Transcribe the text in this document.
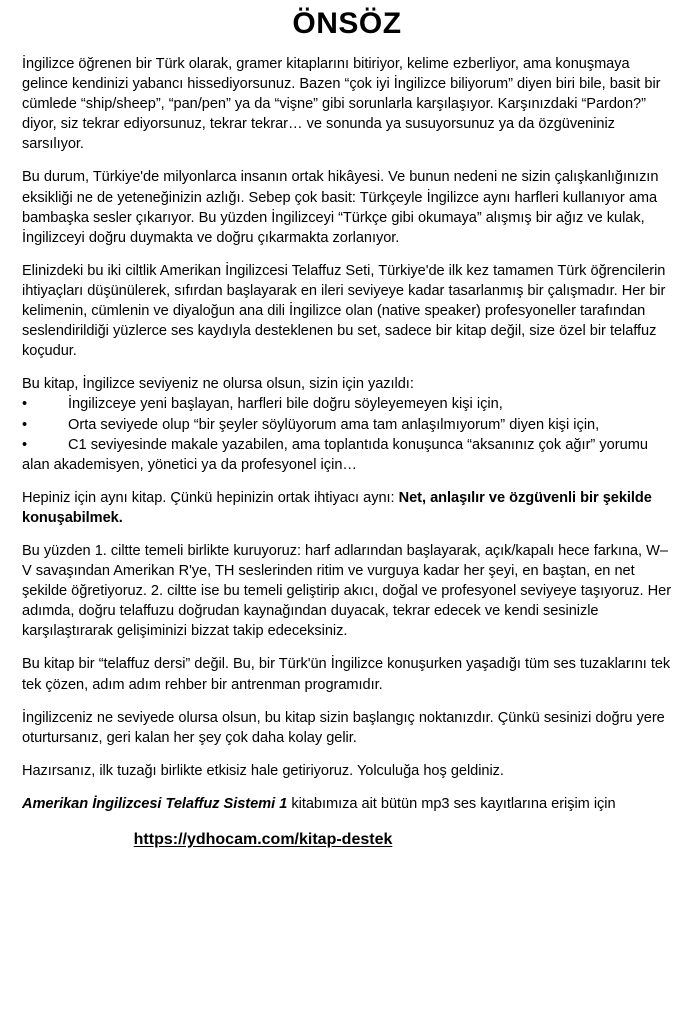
ÖNSÖZ

İngilizce öğrenen bir Türk olarak, gramer kitaplarını bitiriyor, kelime ezberliyor, ama konuşmaya gelince kendinizi yabancı hissediyorsunuz. Bazen “çok iyi İngilizce biliyorum” diyen biri bile, basit bir cümlede “ship/sheep”, “pan/pen” ya da “vişne” gibi sorunlarla karşılaşıyor. Karşınızdaki “Pardon?” diyor, siz tekrar ediyorsunuz, tekrar tekrar… ve sonunda ya susuyorsunuz ya da özgüveniniz sarsılıyor.

Bu durum, Türkiye'de milyonlarca insanın ortak hikâyesi. Ve bunun nedeni ne sizin çalışkanlığınızın eksikliği ne de yeteneğinizin azlığı. Sebep çok basit: Türkçeyle İngilizce aynı harfleri kullanıyor ama bambaşka sesler çıkarıyor. Bu yüzden İngilizceyi “Türkçe gibi okumaya” alışmış bir ağız ve kulak, İngilizceyi doğru duymakta ve doğru çıkarmakta zorlanıyor.

Elinizdeki bu iki ciltlik Amerikan İngilizcesi Telaffuz Seti, Türkiye'de ilk kez tamamen Türk öğrencilerin ihtiyaçları düşünülerek, sıfırdan başlayarak en ileri seviyeye kadar tasarlanmış bir çalışmadır. Her bir kelimenin, cümlenin ve diyaloğun ana dili İngilizce olan (native speaker) profesyoneller tarafından seslendirildiği yüzlerce ses kaydıyla desteklenen bu set, sadece bir kitap değil, size özel bir telaffuz koçudur.

Bu kitap, İngilizce seviyeniz ne olursa olsun, sizin için yazıldı:

•	İngilizceye yeni başlayan, harfleri bile doğru söyleyemeyen kişi için,
•	Orta seviyede olup “bir şeyler söylüyorum ama tam anlaşılmıyorum” diyen kişi için,
•	C1 seviyesinde makale yazabilen, ama toplantıda konuşunca “aksanınız çok ağır” yorumu alan akademisyen, yönetici ya da profesyonel için…

Hepiniz için aynı kitap. Çünkü hepinizin ortak ihtiyacı aynı: Net, anlaşılır ve özgüvenli bir şekilde konuşabilmek.

Bu yüzden 1. ciltte temeli birlikte kuruyoruz: harf adlarından başlayarak, açık/kapalı hece farkına, W–V savaşından Amerikan R'ye, TH seslerinden ritim ve vurguya kadar her şeyi, en baştan, en net şekilde öğretiyoruz. 2. ciltte ise bu temeli geliştirip akıcı, doğal ve profesyonel seviyeye taşıyoruz. Her adımda, doğru telaffuzu doğrudan kaynağından duyacak, tekrar edecek ve kendi sesinizle karşılaştırarak gelişiminizi bizzat takip edeceksiniz.

Bu kitap bir “telaffuz dersi” değil. Bu, bir Türk'ün İngilizce konuşurken yaşadığı tüm ses tuzaklarını tek tek çözen, adım adım rehber bir antrenman programıdır.

İngilizceniz ne seviyede olursa olsun, bu kitap sizin başlangıç noktanızdır. Çünkü sesinizi doğru yere oturtursanız, geri kalan her şey çok daha kolay gelir.

Hazırsanız, ilk tuzağı birlikte etkisiz hale getiriyoruz. Yolculuğa hoş geldiniz.

Amerikan İngilizcesi Telaffuz Sistemi 1 kitabımıza ait bütün mp3 ses kayıtlarına erişim için

https://ydhocam.com/kitap-destek
